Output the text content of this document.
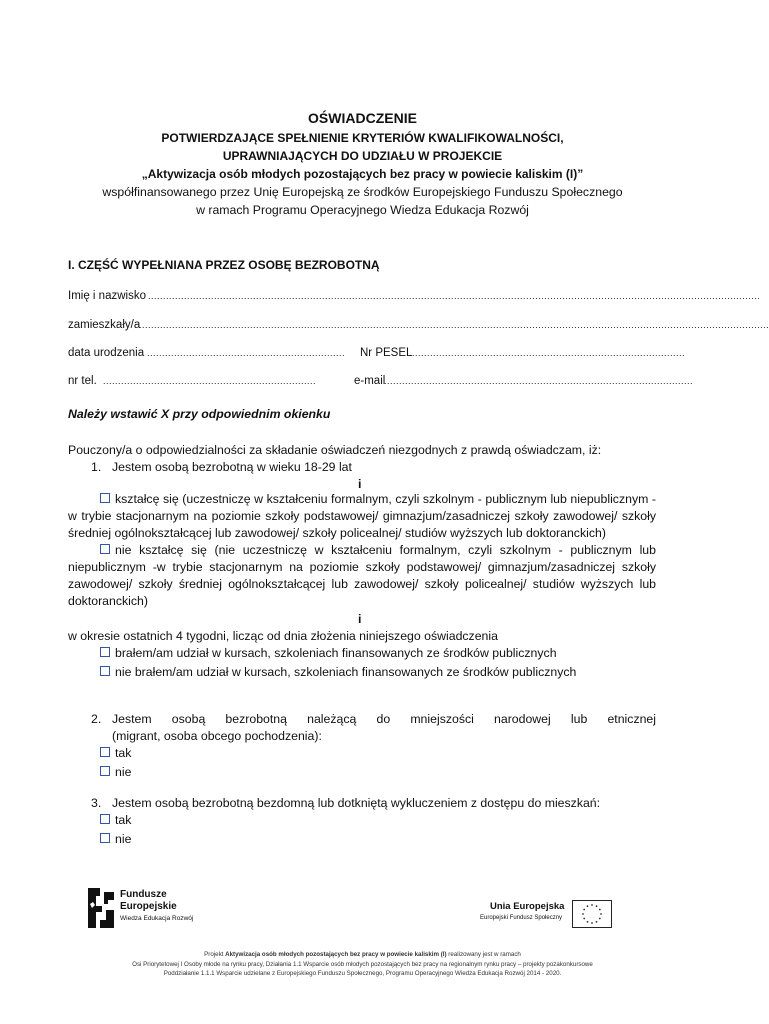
OŚWIADCZENIE
POTWIERDZAJĄCE SPEŁNIENIE KRYTERIÓW KWALIFIKOWALNOŚCI,
UPRAWNIAJĄCYCH DO UDZIAŁU W PROJEKCIE
„Aktywizacja osób młodych pozostających bez pracy w powiecie kaliskim (I)”
współfinansowanego przez Unię Europejską ze środków Europejskiego Funduszu Społecznego
w ramach Programu Operacyjnego Wiedza Edukacja Rozwój
I. CZĘŚĆ WYPEŁNIANA PRZEZ OSOBĘ BEZROBOTNĄ
Imię i nazwisko ............................................................................................................................................................................................................
zamieszkały/a
..................................................................................................................................................................................................................
data urodzenia .................................................................. Nr PESEL
............................................................................................
nr tel. .......................................................................	e-mail
.......................................................................................................
Należy wstawić X przy odpowiednim okienku
Pouczony/a o odpowiedzialności za składanie oświadczeń niezgodnych z prawdą oświadczam, iż:
1. Jestem osobą bezrobotną w wieku 18-29 lat
i
kształcę się (uczestniczę w kształceniu formalnym, czyli szkolnym - publicznym lub niepublicznym -
w trybie stacjonarnym na poziomie szkoły podstawowej/ gimnazjum/zasadniczej szkoły zawodowej/ szkoły
średniej ogólnokształcącej lub zawodowej/ szkoły policealnej/ studiów wyższych lub doktoranckich)
nie kształcę się (nie uczestniczę w kształceniu formalnym, czyli szkolnym - publicznym lub
niepublicznym -w trybie stacjonarnym na poziomie szkoły podstawowej/ gimnazjum/zasadniczej szkoły
zawodowej/ szkoły średniej ogólnokształcącej lub zawodowej/ szkoły policealnej/ studiów wyższych lub
doktoranckich)
i
w okresie ostatnich 4 tygodni, licząc od dnia złożenia niniejszego oświadczenia
brałem/am udział w kursach, szkoleniach finansowanych ze środków publicznych
nie brałem/am udział w kursach, szkoleniach finansowanych ze środków publicznych
2. Jestem osobą bezrobotną należącą do mniejszości narodowej lub etnicznej
(migrant, osoba obcego pochodzenia):
tak
nie
3. Jestem osobą bezrobotną bezdomną lub dotkniętą wykluczeniem z dostępu do mieszkań:
tak
nie
Fundusze
Europejskie
Wiedza Edukacja Rozwój
Unia Europejska
Europejski Fundusz Społeczny
Projekt Aktywizacja osób młodych pozostających bez pracy w powiecie kaliskim (I) realizowany jest w ramach
Osi Priorytetowej I Osoby młode na rynku pracy, Działania 1.1 Wsparcie osób młodych pozostających bez pracy na regionalnym rynku pracy – projekty pozakonkursowe
Poddziałanie 1.1.1 Wsparcie udzielane z Europejskiego Funduszu Społecznego, Programu Operacyjnego Wiedza Edukacja Rozwój 2014 - 2020.
